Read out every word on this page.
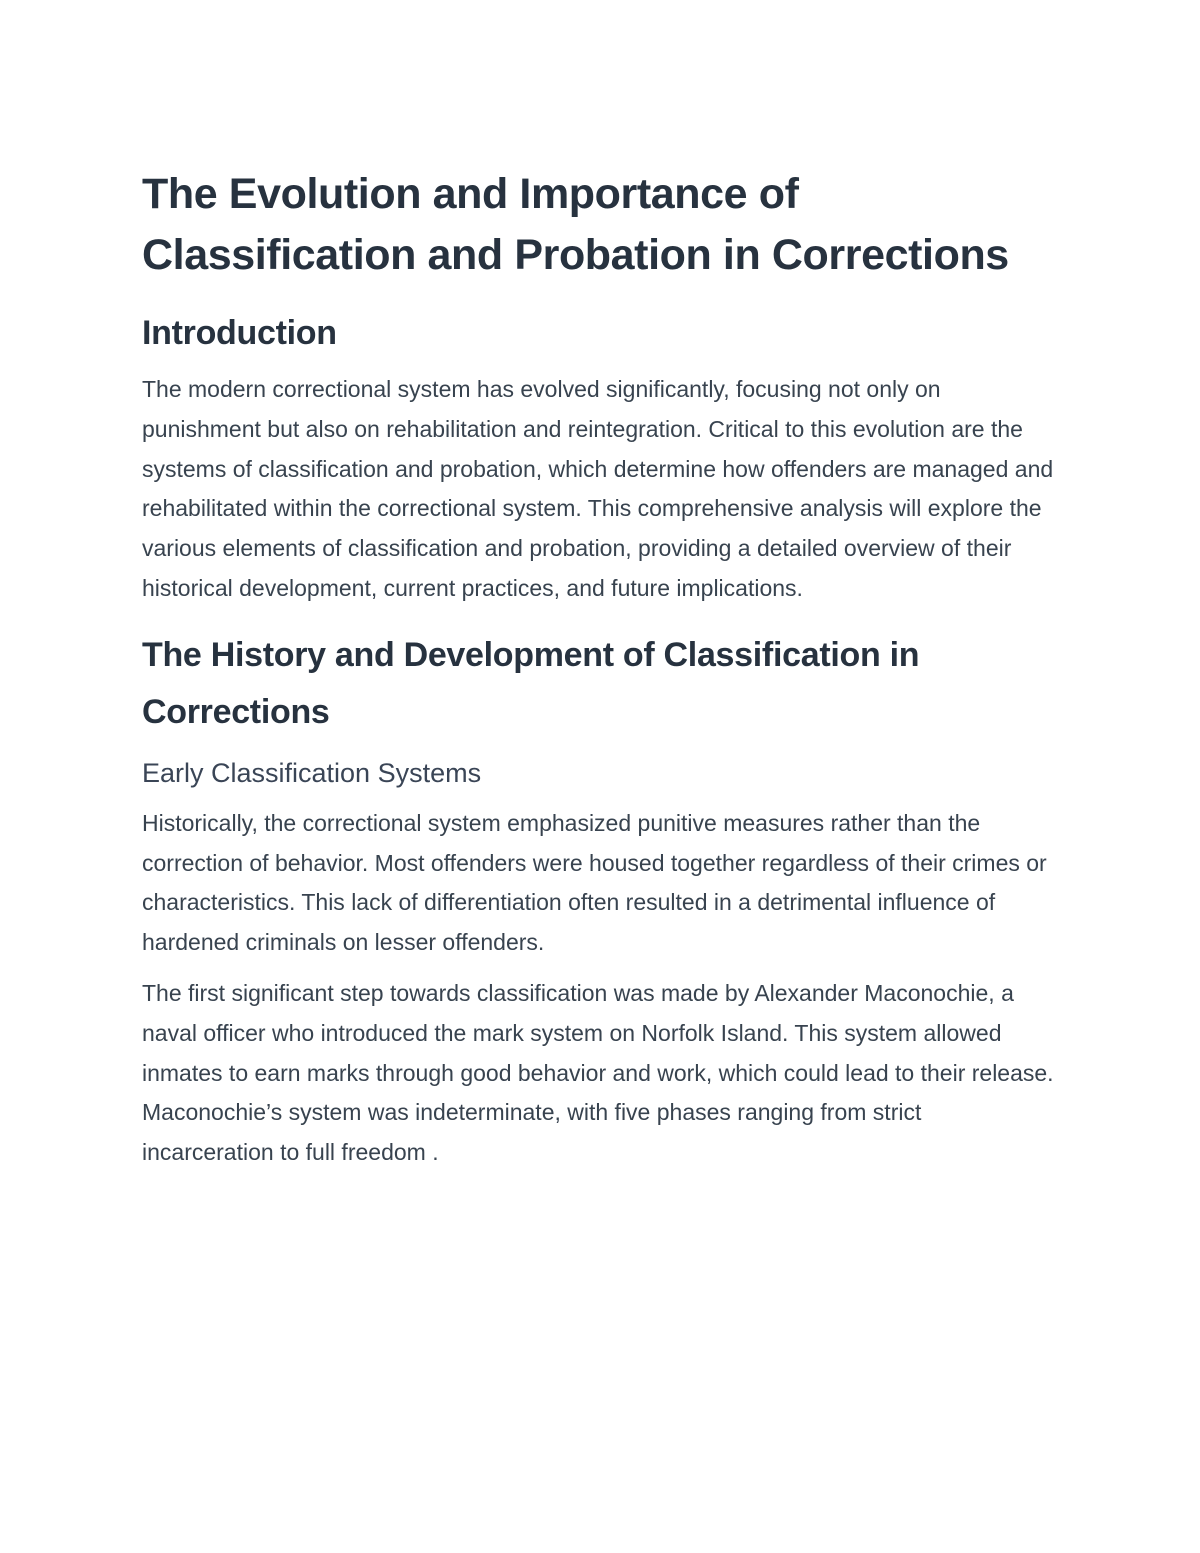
The Evolution and Importance of Classification and Probation in Corrections
Introduction

The modern correctional system has evolved significantly, focusing not only on punishment but also on rehabilitation and reintegration. Critical to this evolution are the systems of classification and probation, which determine how offenders are managed and rehabilitated within the correctional system. This comprehensive analysis will explore the various elements of classification and probation, providing a detailed overview of their historical development, current practices, and future implications.

The History and Development of Classification in Corrections
Early Classification Systems

Historically, the correctional system emphasized punitive measures rather than the correction of behavior. Most offenders were housed together regardless of their crimes or characteristics. This lack of differentiation often resulted in a detrimental influence of hardened criminals on lesser offenders.

The first significant step towards classification was made by Alexander Maconochie, a naval officer who introduced the mark system on Norfolk Island. This system allowed inmates to earn marks through good behavior and work, which could lead to their release. Maconochie’s system was indeterminate, with five phases ranging from strict incarceration to full freedom .
